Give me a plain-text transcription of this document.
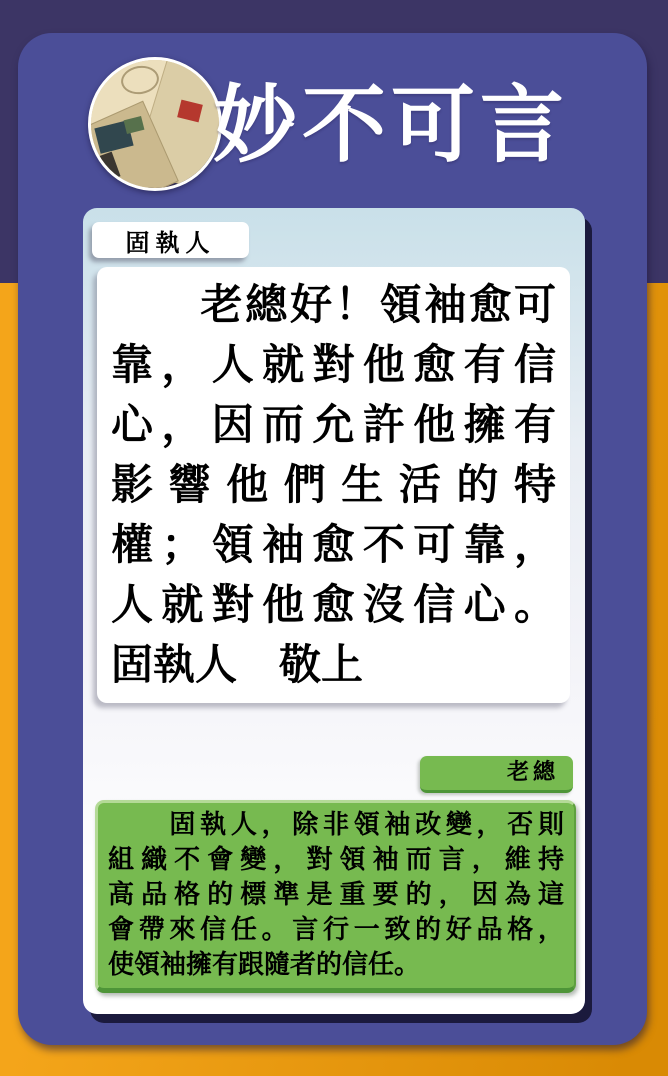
妙不可言
固執人
　　老總好！領袖愈可
靠，人就對他愈有信
心，因而允許他擁有
影響他們生活的特
權；領袖愈不可靠，
人就對他愈沒信心。
固執人　敬上
老總
　　固執人，除非領袖改變，否則
組織不會變，對領袖而言，維持
高品格的標準是重要的，因為這
會帶來信任。言行一致的好品格，
使領袖擁有跟隨者的信任。
